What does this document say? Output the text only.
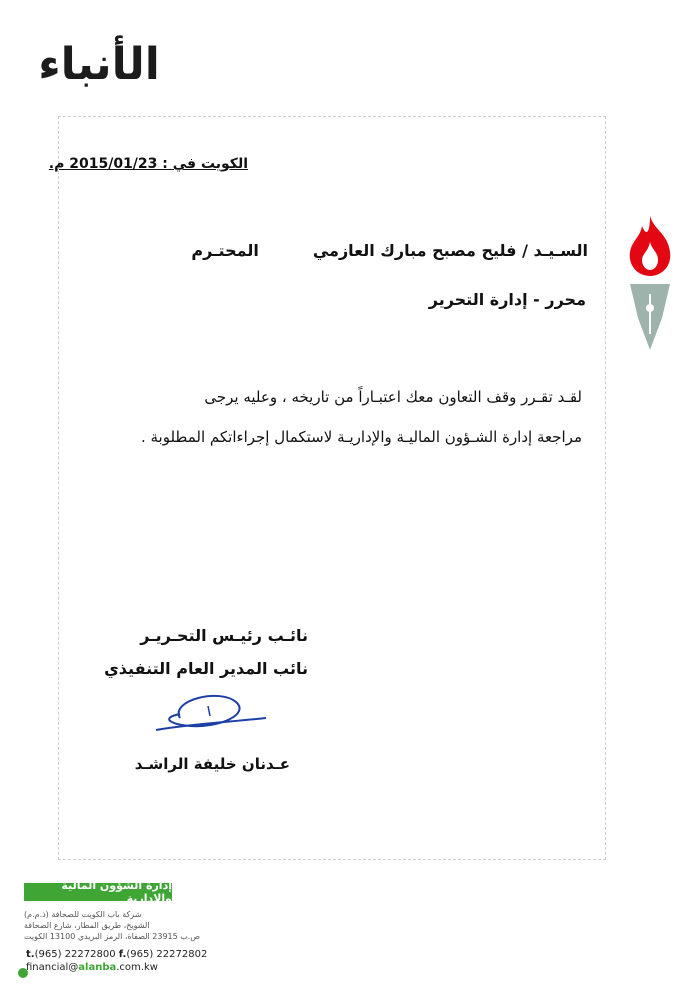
الأنباء
الكويت في : 2015/01/23 م.
السـيـد

/

فليح مصبح مبارك العازمي
المحتـرم
محرر - إدارة التحرير
لقـد تقـرر وقف التعاون معك اعتبـاراً من تاريخه ، وعليه يرجى
مراجعة إدارة الشـؤون الماليـة والإداريـة لاستكمال إجراءاتكم المطلوبة .
نائـب رئيـس التحـريـر
نائب المدير العام التنفيذي
عـدنان خليفة الراشـد
إدارة الشؤون المالية والإدارية
شركة باب الكويت للصحافة (ذ.م.م)
الشويخ، طريق المطار، شارع الصحافة
ص.ب 23915 الصفاة، الرمز البريدي 13100 الكويت
t.(965) 22272800 f.(965) 22272802
financial@alanba.com.kw
